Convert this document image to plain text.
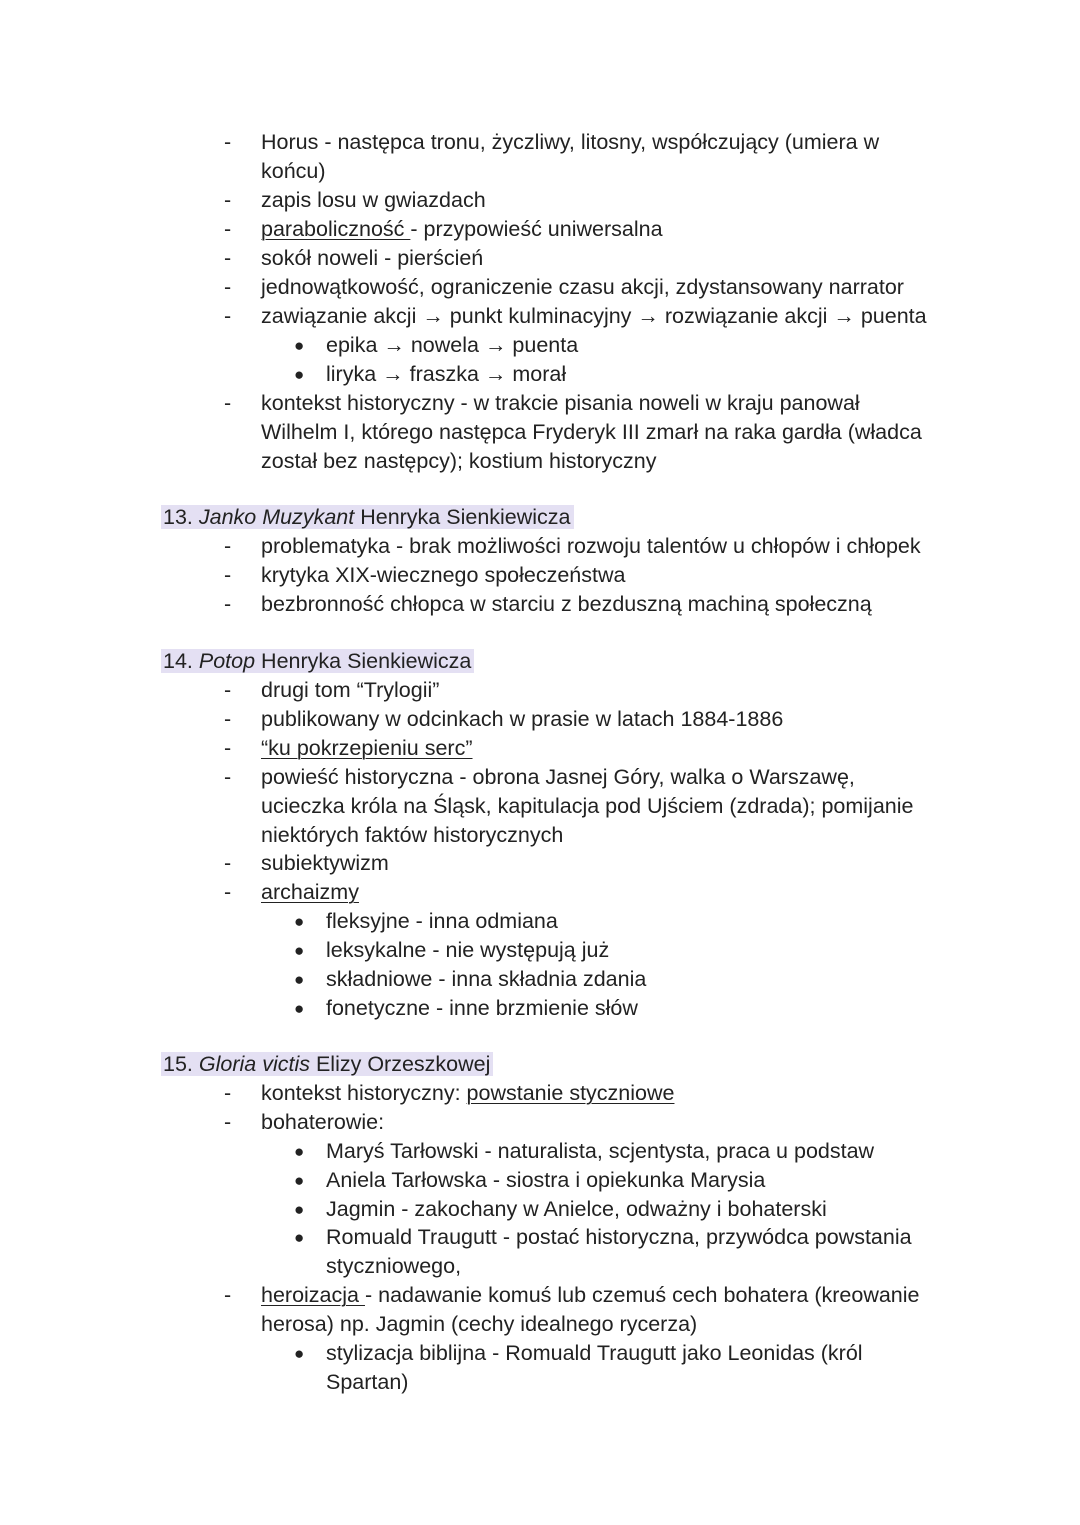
- Horus - następca tronu, życzliwy, litosny, współczujący (umiera w
końcu)
- zapis losu w gwiazdach
- paraboliczność - przypowieść uniwersalna
- sokół noweli - pierścień
- jednowątkowość, ograniczenie czasu akcji, zdystansowany narrator
- zawiązanie akcji → punkt kulminacyjny → rozwiązanie akcji → puenta
● epika → nowela → puenta
● liryka → fraszka → morał
- kontekst historyczny - w trakcie pisania noweli w kraju panował
Wilhelm I, którego następca Fryderyk III zmarł na raka gardła (władca
został bez następcy); kostium historyczny
13. Janko Muzykant Henryka Sienkiewicza
- problematyka - brak możliwości rozwoju talentów u chłopów i chłopek
- krytyka XIX-wiecznego społeczeństwa
- bezbronność chłopca w starciu z bezduszną machiną społeczną
14. Potop Henryka Sienkiewicza
- drugi tom “Trylogii”
- publikowany w odcinkach w prasie w latach 1884-1886
- “ku pokrzepieniu serc”
- powieść historyczna - obrona Jasnej Góry, walka o Warszawę,
ucieczka króla na Śląsk, kapitulacja pod Ujściem (zdrada); pomijanie
niektórych faktów historycznych
- subiektywizm
- archaizmy
● fleksyjne - inna odmiana
● leksykalne - nie występują już
● składniowe - inna składnia zdania
● fonetyczne - inne brzmienie słów
15. Gloria victis Elizy Orzeszkowej
- kontekst historyczny: powstanie styczniowe
- bohaterowie:
● Maryś Tarłowski - naturalista, scjentysta, praca u podstaw
● Aniela Tarłowska - siostra i opiekunka Marysia
● Jagmin - zakochany w Anielce, odważny i bohaterski
● Romuald Traugutt - postać historyczna, przywódca powstania
styczniowego,
- heroizacja - nadawanie komuś lub czemuś cech bohatera (kreowanie
herosa) np. Jagmin (cechy idealnego rycerza)
● stylizacja biblijna - Romuald Traugutt jako Leonidas (król
Spartan)
